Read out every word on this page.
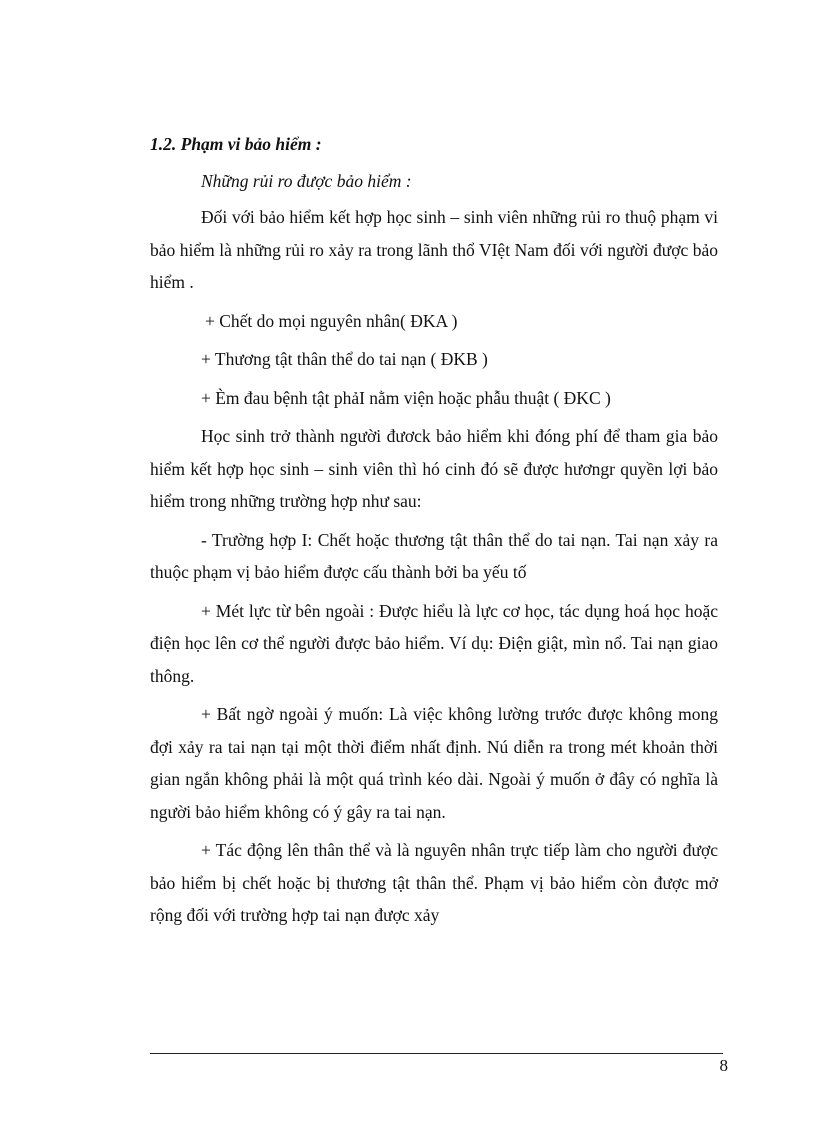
1.2. Phạm vi bảo hiểm :

Những rủi ro được bảo hiểm :

Đối với bảo hiểm kết hợp học sinh – sinh viên những rủi ro thuộ phạm vi bảo hiểm là những rủi ro xảy ra trong lãnh thổ VIệt Nam đối với người được bảo hiểm .

+ Chết do mọi nguyên nhân( ĐKA )

+ Thương tật thân thể do tai nạn ( ĐKB )

+ Èm đau bệnh tật phảI nằm viện hoặc phẫu thuật ( ĐKC )

Học sinh trở thành người đươck bảo hiểm khi đóng phí để tham gia bảo hiểm kết hợp học sinh – sinh viên thì hó cinh đó sẽ được hươngr quyền lợi bảo hiểm trong những trường hợp như sau:

- Trường hợp I: Chết hoặc thương tật thân thể do tai nạn. Tai nạn xảy ra thuộc phạm vị bảo hiểm được cấu thành bởi ba yếu tố

+ Mét lực từ bên ngoài : Được hiểu là lực cơ học, tác dụng hoá học hoặc điện học lên cơ thể người được bảo hiểm. Ví dụ: Điện giật, mìn nổ. Tai nạn giao thông.

+ Bất ngờ ngoài ý muốn: Là việc không lường trước được không mong đợi xảy ra tai nạn tại một thời điểm nhất định. Nú diễn ra trong mét khoản thời gian ngắn không phải là một quá trình kéo dài. Ngoài ý muốn ở đây có nghĩa là người bảo hiểm không có ý gây ra tai nạn.

+ Tác động lên thân thể và là nguyên nhân trực tiếp làm cho người được bảo hiểm bị chết hoặc bị thương tật thân thể. Phạm vị bảo hiểm còn được mở rộng đối với trường hợp tai nạn được xảy

8
